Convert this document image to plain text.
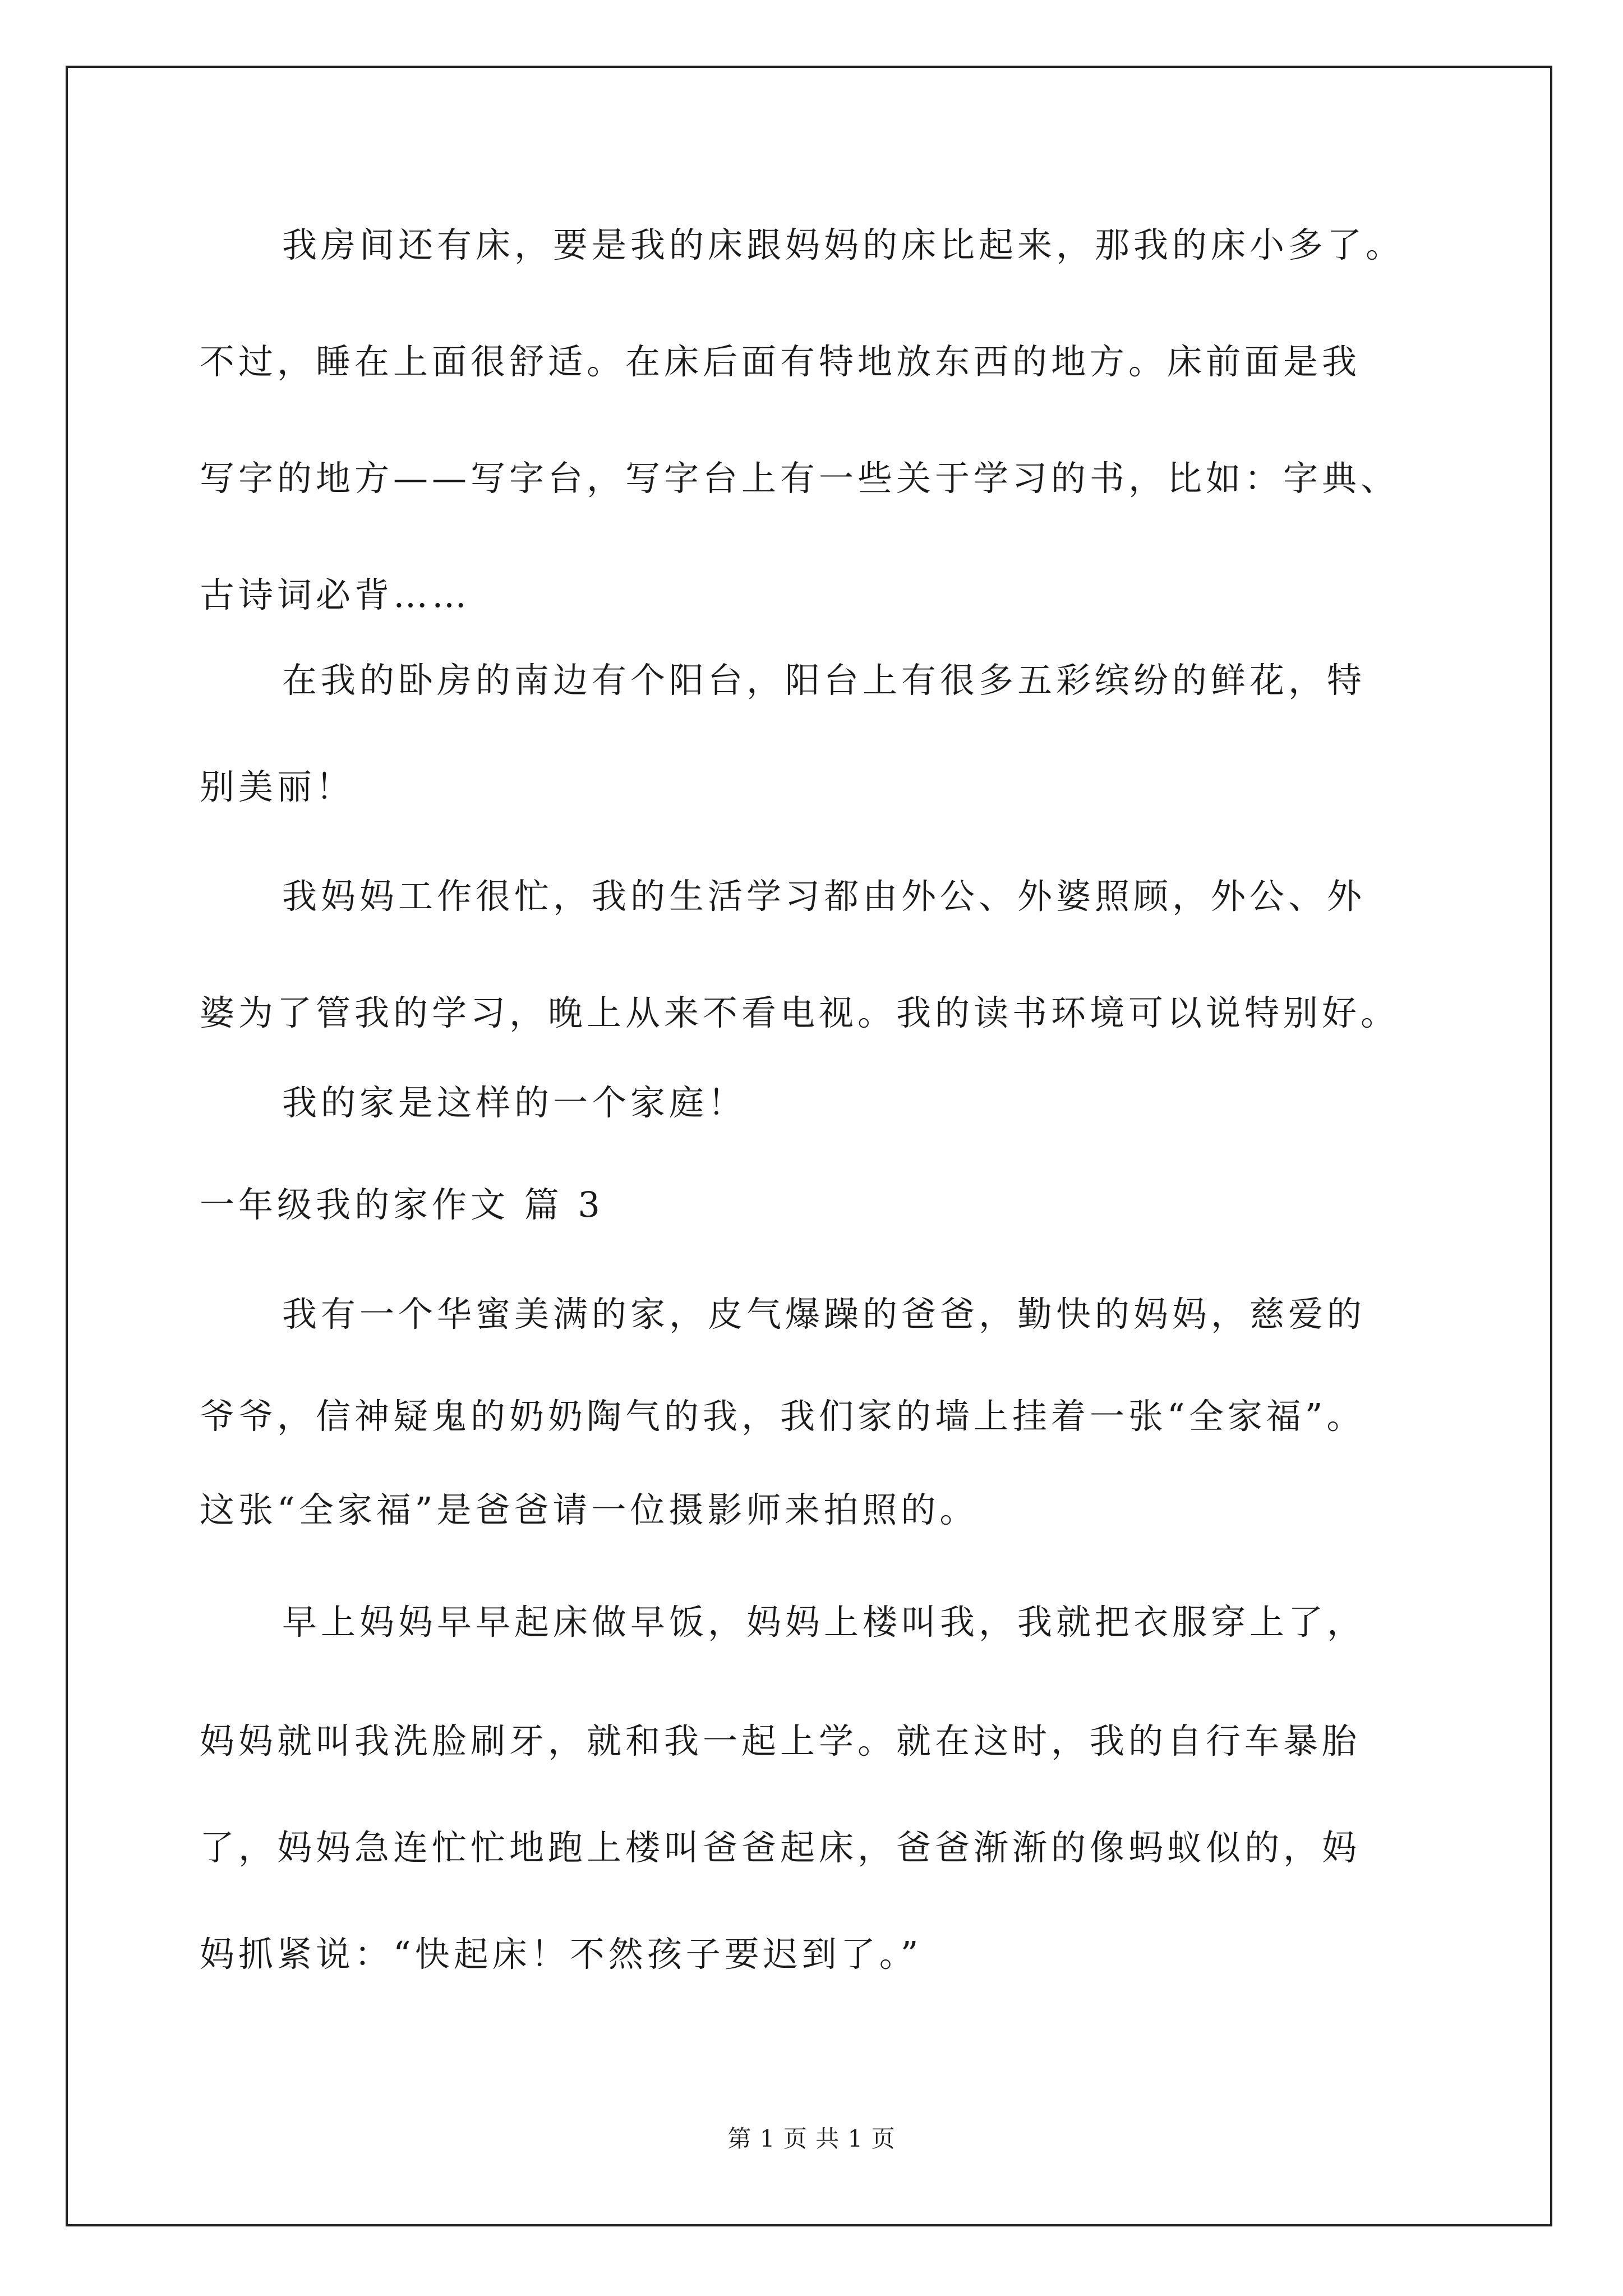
我房间还有床，要是我的床跟妈妈的床比起来，那我的床小多了。
不过，睡在上面很舒适。在床后面有特地放东西的地方。床前面是我
写字的地方——写字台，写字台上有一些关于学习的书，比如：字典、
古诗词必背……
在我的卧房的南边有个阳台，阳台上有很多五彩缤纷的鲜花，特
别美丽！
我妈妈工作很忙，我的生活学习都由外公、外婆照顾，外公、外
婆为了管我的学习，晚上从来不看电视。我的读书环境可以说特别好。
我的家是这样的一个家庭！
一年级我的家作文 篇 3
我有一个华蜜美满的家，皮气爆躁的爸爸，勤快的妈妈，慈爱的
爷爷，信神疑鬼的奶奶陶气的我，我们家的墙上挂着一张“全家福”。
这张“全家福”是爸爸请一位摄影师来拍照的。
早上妈妈早早起床做早饭，妈妈上楼叫我，我就把衣服穿上了，
妈妈就叫我洗脸刷牙，就和我一起上学。就在这时，我的自行车暴胎
了，妈妈急连忙忙地跑上楼叫爸爸起床，爸爸渐渐的像蚂蚁似的，妈
妈抓紧说：“快起床！不然孩子要迟到了。”
第 1 页 共 1 页
